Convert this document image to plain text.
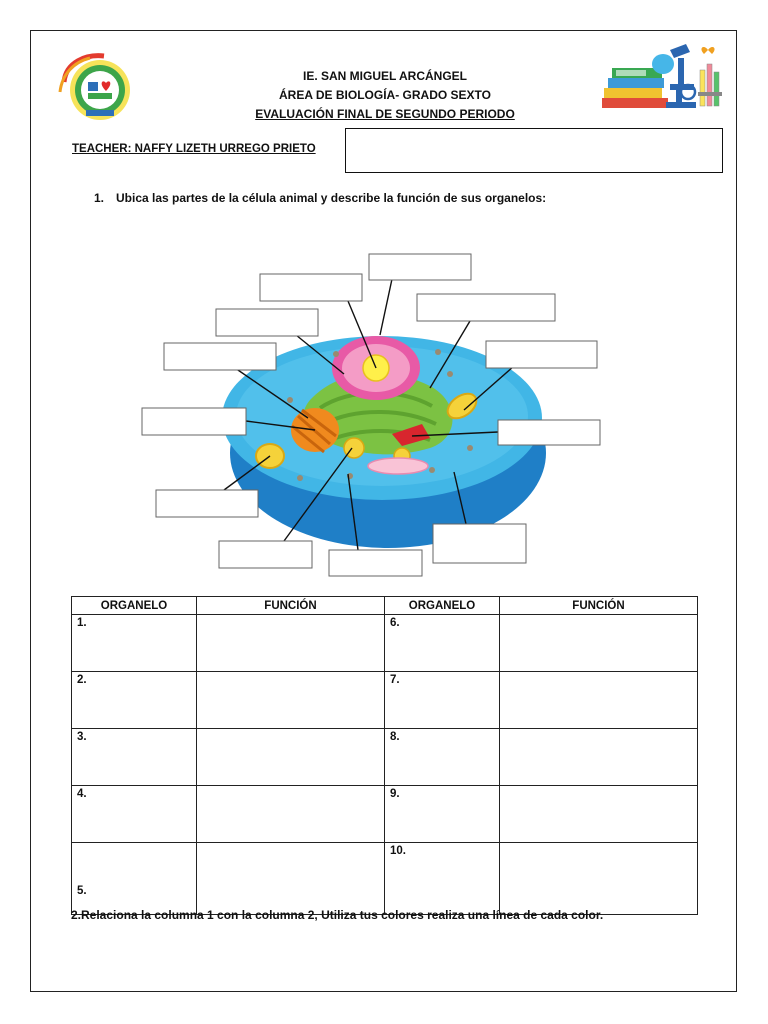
IE. SAN MIGUEL ARCÁNGEL
ÁREA DE BIOLOGÍA- GRADO SEXTO
EVALUACIÓN FINAL DE SEGUNDO PERIODO
TEACHER: NAFFY LIZETH URREGO PRIETO
1. Ubica las partes de la célula animal y describe la función de sus organelos:
ORGANELO	FUNCIÓN	ORGANELO	FUNCIÓN
1.		6.	
2.		7.	
3.		8.	
4.		9.	
5.		10.	
2.Relaciona la columna 1 con la columna 2, Utiliza tus colores realiza una línea de cada color.
